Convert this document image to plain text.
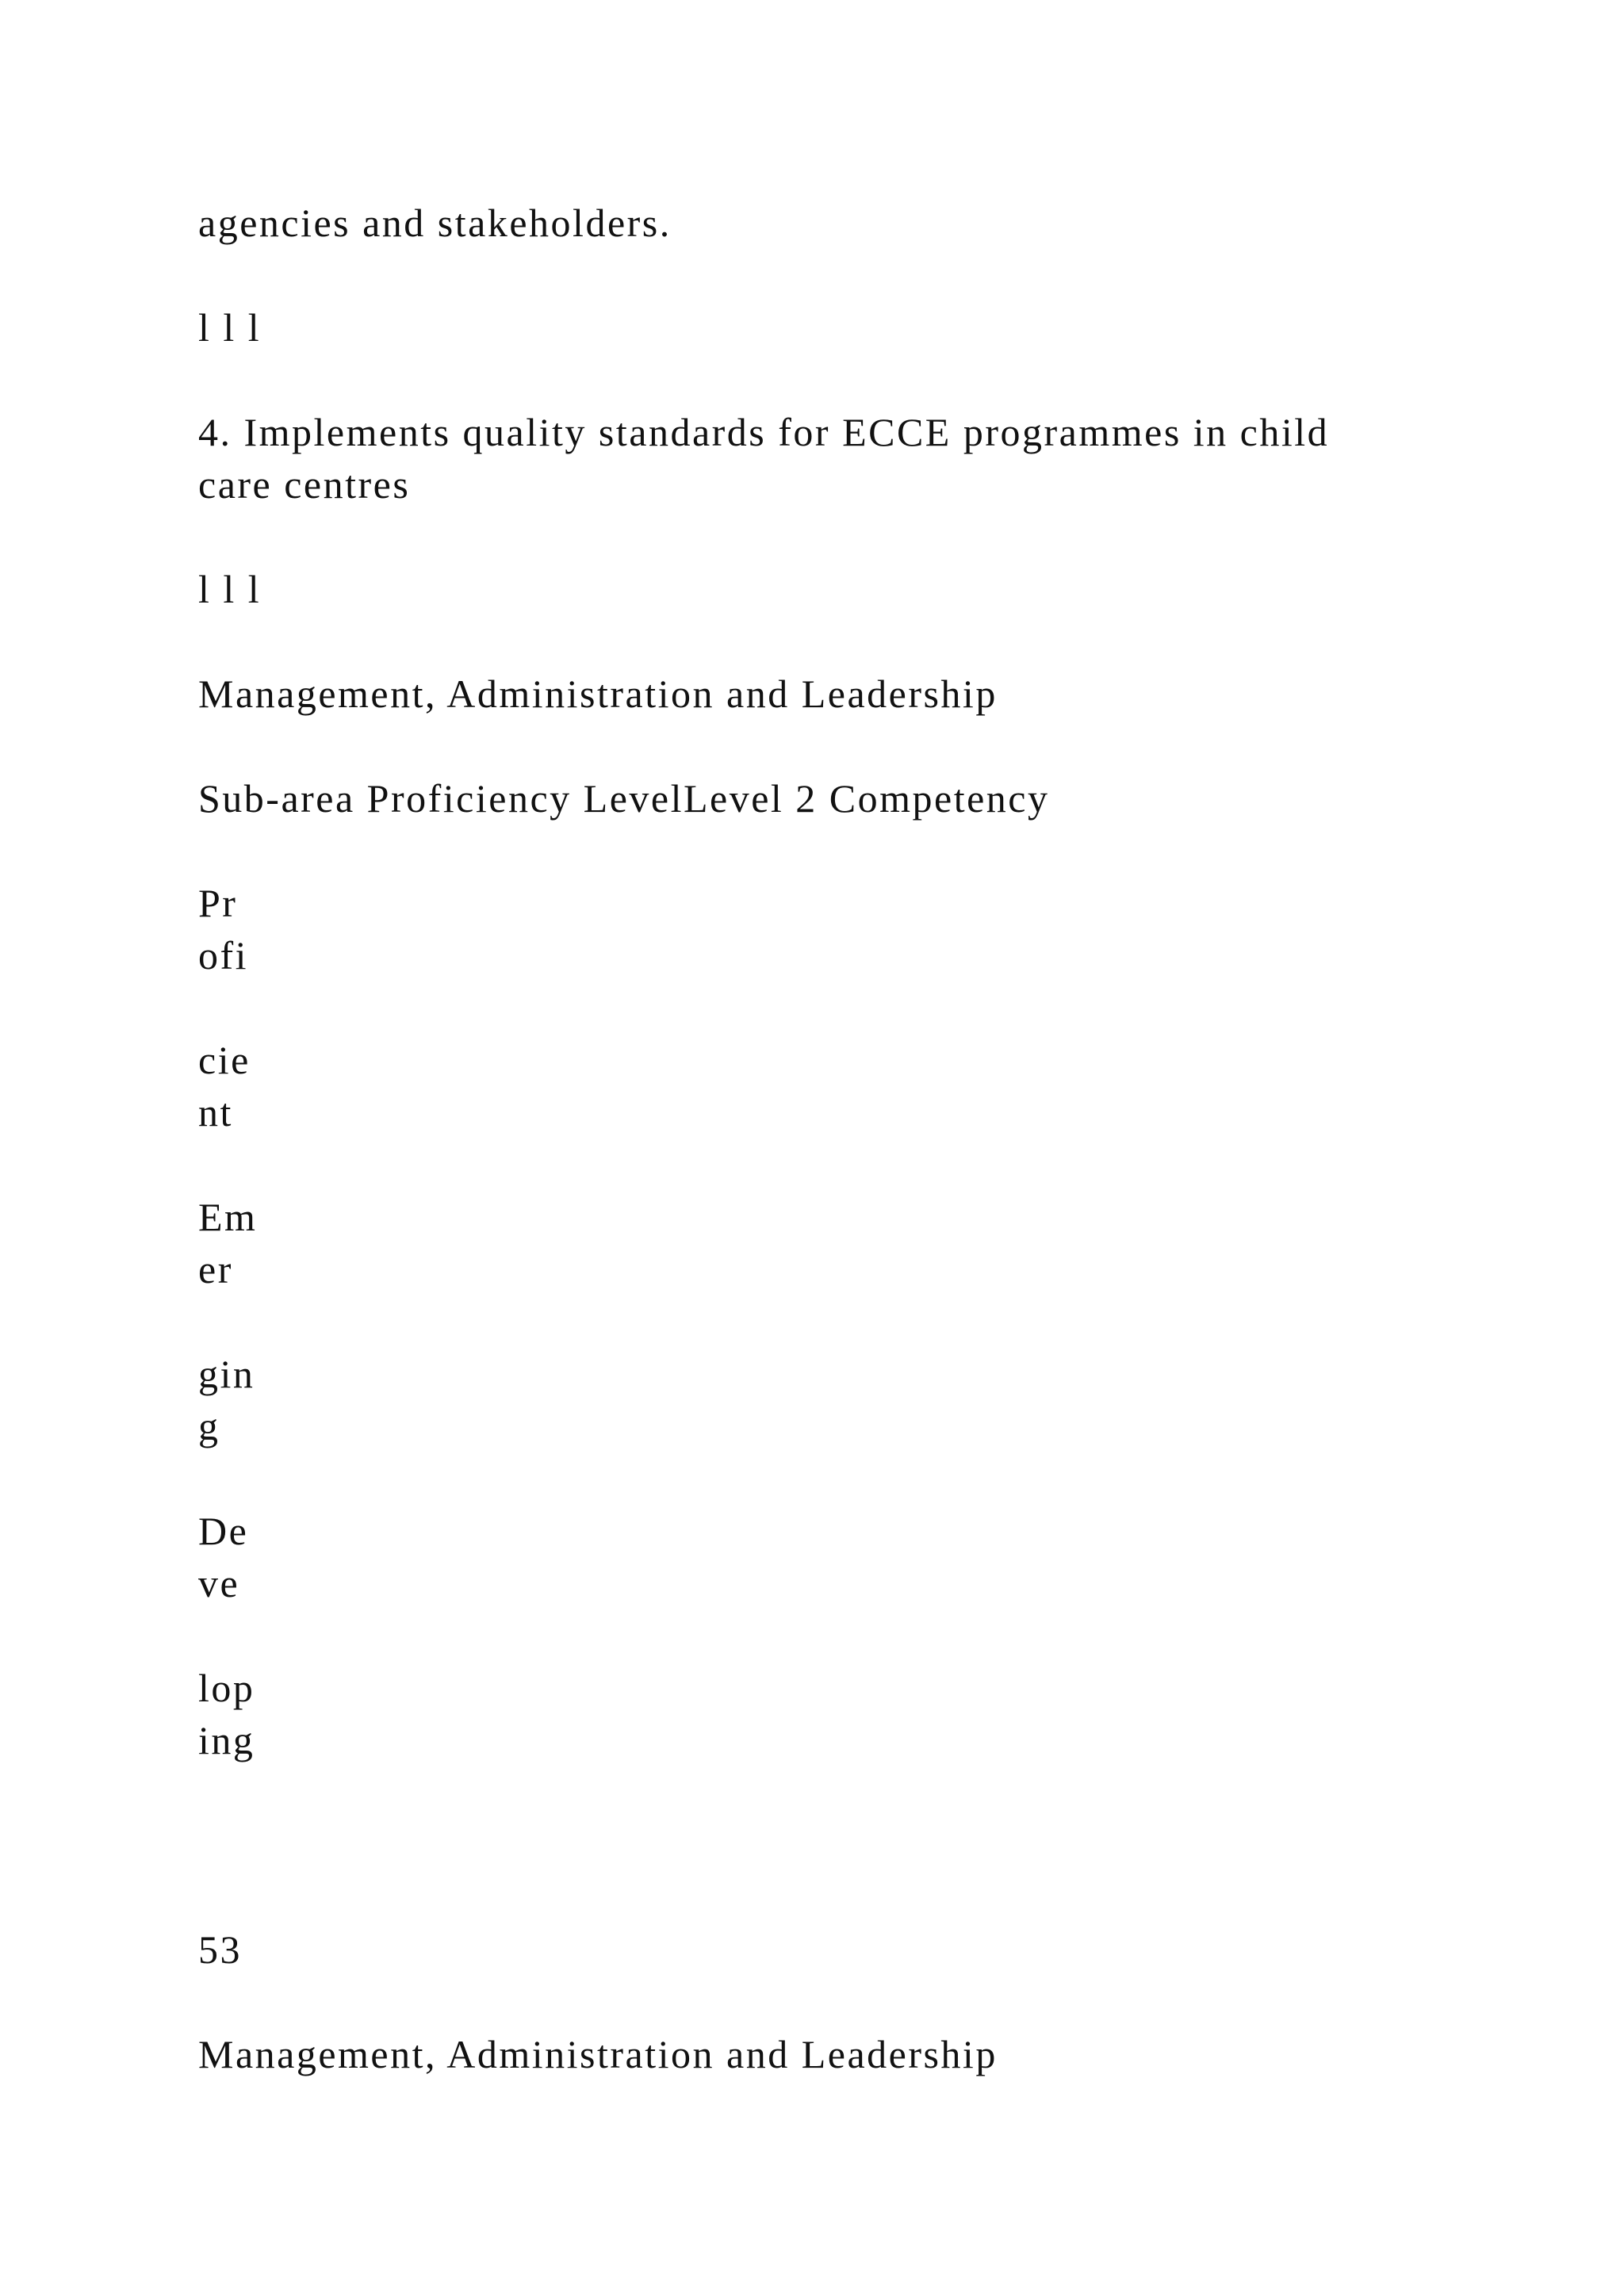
agencies and stakeholders.

l l l

4. Implements quality standards for ECCE programmes in child

care centres

l l l

Management, Administration and Leadership

Sub-area Proficiency LevelLevel 2 Competency

Pr

ofi

cie

nt

Em

er

gin

g

De

ve

lop

ing

53

Management, Administration and Leadership
